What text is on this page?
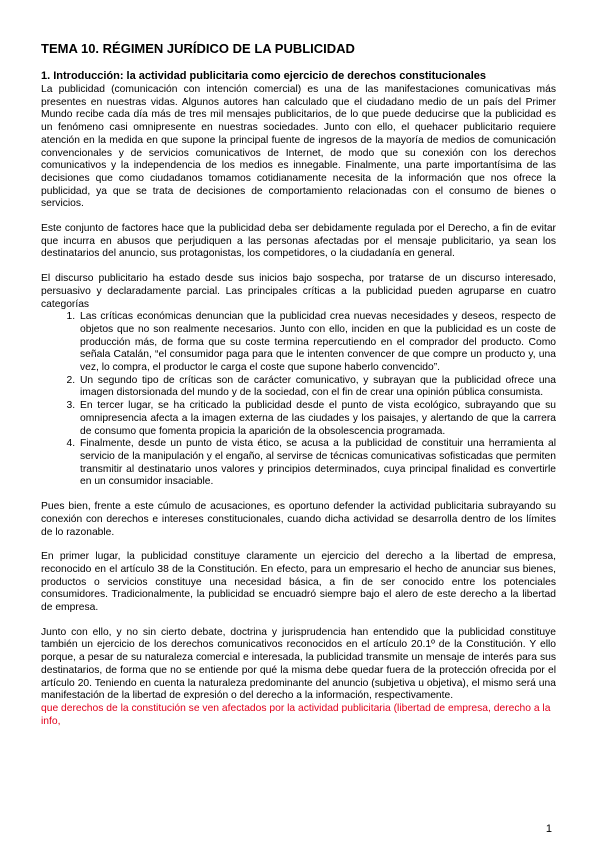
TEMA 10. RÉGIMEN JURÍDICO DE LA PUBLICIDAD
1. Introducción: la actividad publicitaria como ejercicio de derechos constitucionales

La publicidad (comunicación con intención comercial) es una de las manifestaciones comunicativas más presentes en nuestras vidas. Algunos autores han calculado que el ciudadano medio de un país del Primer Mundo recibe cada día más de tres mil mensajes publicitarios, de lo que puede deducirse que la publicidad es un fenómeno casi omnipresente en nuestras sociedades. Junto con ello, el quehacer publicitario requiere atención en la medida en que supone la principal fuente de ingresos de la mayoría de medios de comunicación convencionales y de servicios comunicativos de Internet, de modo que su conexión con los derechos comunicativos y la independencia de los medios es innegable. Finalmente, una parte importantísima de las decisiones que como ciudadanos tomamos cotidianamente necesita de la información que nos ofrece la publicidad, ya que se trata de decisiones de comportamiento relacionadas con el consumo de bienes o servicios.

Este conjunto de factores hace que la publicidad deba ser debidamente regulada por el Derecho, a fin de evitar que incurra en abusos que perjudiquen a las personas afectadas por el mensaje publicitario, ya sean los destinatarios del anuncio, sus protagonistas, los competidores, o la ciudadanía en general.

El discurso publicitario ha estado desde sus inicios bajo sospecha, por tratarse de un discurso interesado, persuasivo y declaradamente parcial. Las principales críticas a la publicidad pueden agruparse en cuatro categorías

1. Las críticas económicas denuncian que la publicidad crea nuevas necesidades y deseos, respecto de objetos que no son realmente necesarios. Junto con ello, inciden en que la publicidad es un coste de producción más, de forma que su coste termina repercutiendo en el comprador del producto. Como señala Catalán, “el consumidor paga para que le intenten convencer de que compre un producto y, una vez, lo compra, el productor le carga el coste que supone haberlo convencido”.
2. Un segundo tipo de críticas son de carácter comunicativo, y subrayan que la publicidad ofrece una imagen distorsionada del mundo y de la sociedad, con el fin de crear una opinión pública consumista.
3. En tercer lugar, se ha criticado la publicidad desde el punto de vista ecológico, subrayando que su omnipresencia afecta a la imagen externa de las ciudades y los paisajes, y alertando de que la carrera de consumo que fomenta propicia la aparición de la obsolescencia programada.
4. Finalmente, desde un punto de vista ético, se acusa a la publicidad de constituir una herramienta al servicio de la manipulación y el engaño, al servirse de técnicas comunicativas sofisticadas que permiten transmitir al destinatario unos valores y principios determinados, cuya principal finalidad es convertirle en un consumidor insaciable.

Pues bien, frente a este cúmulo de acusaciones, es oportuno defender la actividad publicitaria subrayando su conexión con derechos e intereses constitucionales, cuando dicha actividad se desarrolla dentro de los límites de lo razonable.

En primer lugar, la publicidad constituye claramente un ejercicio del derecho a la libertad de empresa, reconocido en el artículo 38 de la Constitución. En efecto, para un empresario el hecho de anunciar sus bienes, productos o servicios constituye una necesidad básica, a fin de ser conocido entre los potenciales consumidores. Tradicionalmente, la publicidad se encuadró siempre bajo el alero de este derecho a la libertad de empresa.

Junto con ello, y no sin cierto debate, doctrina y jurisprudencia han entendido que la publicidad constituye también un ejercicio de los derechos comunicativos reconocidos en el artículo 20.1º de la Constitución. Y ello porque, a pesar de su naturaleza comercial e interesada, la publicidad transmite un mensaje de interés para sus destinatarios, de forma que no se entiende por qué la misma debe quedar fuera de la protección ofrecida por el artículo 20. Teniendo en cuenta la naturaleza predominante del anuncio (subjetiva u objetiva), el mismo será una manifestación de la libertad de expresión o del derecho a la información, respectivamente.

que derechos de la constitución se ven afectados por la actividad publicitaria (libertad de empresa, derecho a la info,

1
